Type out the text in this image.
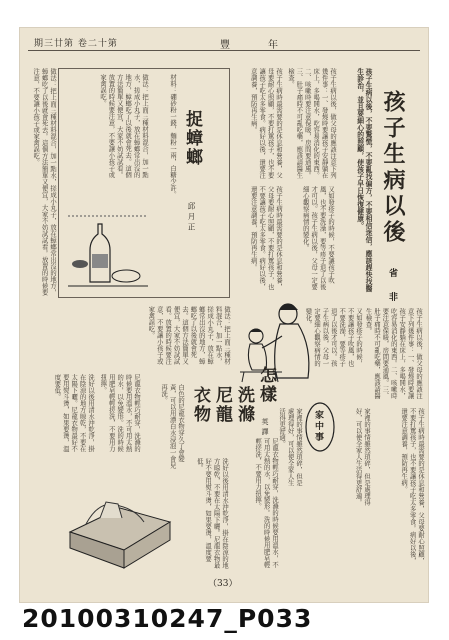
期三廿第 卷二十第	豐	年
孩子生病以後
省 非
孩子生病以後，不要驚慌，不要亂找偏方，不要相信迷信，應該趕快找醫生診治，並且要細心的照顧，使孩子早日恢復健康。
孩子生病以後，做父母的應該注意下列幾件事：一、發燒時要讓孩子安靜躺在床上，多喝開水，吃容易消化的東西。二、咳嗽時要注意保暖，房間要通風。三、肚子痛時不可亂吃藥，應該請醫生檢查。
孩子生病時最需要的是休息和營養，父母要耐心照顧，不要打罵孩子，也不要讓孩子吃太多零食。病好以後，還要注意調養，預防再生病。
又如發疹子的時候，不要讓孩子吹風，也不要洗澡，要等疹子退了以後才可以。孩子生病以後，父母一定要細心觀察病情的變化。
孩子生病時最需要的是休息和營養，父母要耐心照顧，不要打罵孩子，也不要讓孩子吃太多零食。病好以後，還要注意調養，預防再生病。
孩子生病以後，做父母的應該注意下列幾件事：一、發燒時要讓孩子安靜躺在床上，多喝開水，吃容易消化的東西。二、咳嗽時要注意保暖，房間要通風。三、肚子痛時不可亂吃藥，應該請醫生檢查。
又如發疹子的時候，不要讓孩子吹風，也不要洗澡，要等疹子退了以後才可以。孩子生病以後，父母一定要細心觀察病情的變化。
捉蟑螂
邱月正
材料：硼砂粉一錢，麵粉一兩，白糖少許。
做法：把上面三種材料混合，加一點水，搓成小丸子，放在蟑螂常出沒的地方，蟑螂吃了以後就會死去。這個方法簡單又便宜，大家不妨試試看。放置的時候要注意，不要讓小孩子或家禽誤吃。
做法：把上面三種材料混合，加一點水，搓成小丸子，放在蟑螂常出沒的地方，蟑螂吃了以後就會死去。這個方法簡單又便宜，大家不妨試試看。放置的時候要注意，不要讓小孩子或家禽誤吃。
家中事	家裡的事情雖然瑣碎，但是處理得好，可以使全家人生活得更舒適。
家裡的事情雖然瑣碎，但是處理得好，可以使全家人生活得更舒適。	孩子生病時最需要的是休息和營養，父母要耐心照顧，不要打罵孩子，也不要讓孩子吃太多零食。病好以後，還要注意調養，預防再生病。
怎樣
洗滌
尼龍
衣物
英譯
尼龍衣物輕巧耐穿，洗滌的時候要用溫水，不可用太熱的水，以免變形。洗的時候用肥皂輕輕搓洗，不要用力扭擰。
洗好以後用清水沖乾淨，掛在陰涼的地方晾乾，不要在太陽下曬。尼龍衣物最好不要用熨斗燙，如果要燙，溫度要低。
白色的尼龍衣物穿久了會變黃，可以用漂白水浸泡一會兒再洗。
尼龍衣物輕巧耐穿，洗滌的時候要用溫水，不可用太熱的水，以免變形。洗的時候用肥皂輕輕搓洗，不要用力扭擰。
洗好以後用清水沖乾淨，掛在陰涼的地方晾乾，不要在太陽下曬。尼龍衣物最好不要用熨斗燙，如果要燙，溫度要低。
做法：把上面三種材料混合，加一點水，搓成小丸子，放在蟑螂常出沒的地方，蟑螂吃了以後就會死去。這個方法簡單又便宜，大家不妨試試看。放置的時候要注意，不要讓小孩子或家禽誤吃。
（33）
20100310247_P033
